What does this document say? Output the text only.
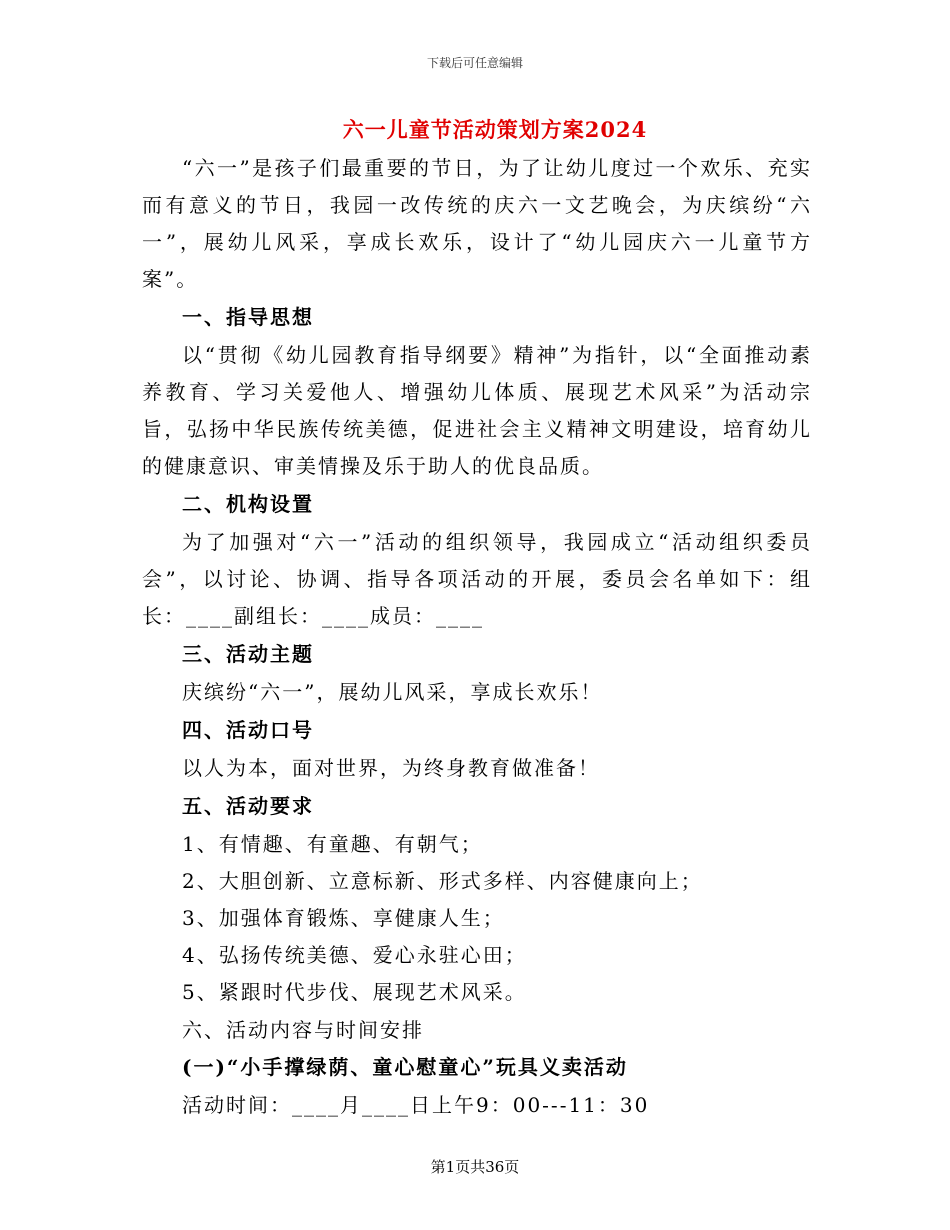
下载后可任意编辑
六一儿童节活动策划方案2024

“六一”是孩子们最重要的节日，为了让幼儿度过一个欢乐、充实而有意义的节日，我园一改传统的庆六一文艺晚会，为庆缤纷“六一”，展幼儿风采，享成长欢乐，设计了“幼儿园庆六一儿童节方案”。

一、指导思想

以“贯彻《幼儿园教育指导纲要》精神”为指针，以“全面推动素养教育、学习关爱他人、增强幼儿体质、展现艺术风采”为活动宗旨，弘扬中华民族传统美德，促进社会主义精神文明建设，培育幼儿的健康意识、审美情操及乐于助人的优良品质。

二、机构设置

为了加强对“六一”活动的组织领导，我园成立“活动组织委员会”，以讨论、协调、指导各项活动的开展，委员会名单如下：组长：____副组长：____成员：____

三、活动主题

庆缤纷“六一”，展幼儿风采，享成长欢乐！

四、活动口号

以人为本，面对世界，为终身教育做准备！

五、活动要求

1、有情趣、有童趣、有朝气；

2、大胆创新、立意标新、形式多样、内容健康向上；

3、加强体育锻炼、享健康人生；

4、弘扬传统美德、爱心永驻心田；

5、紧跟时代步伐、展现艺术风采。

六、活动内容与时间安排

(一)“小手撑绿荫、童心慰童心”玩具义卖活动

活动时间：____月____日上午9：00---11：30

第1页共36页
